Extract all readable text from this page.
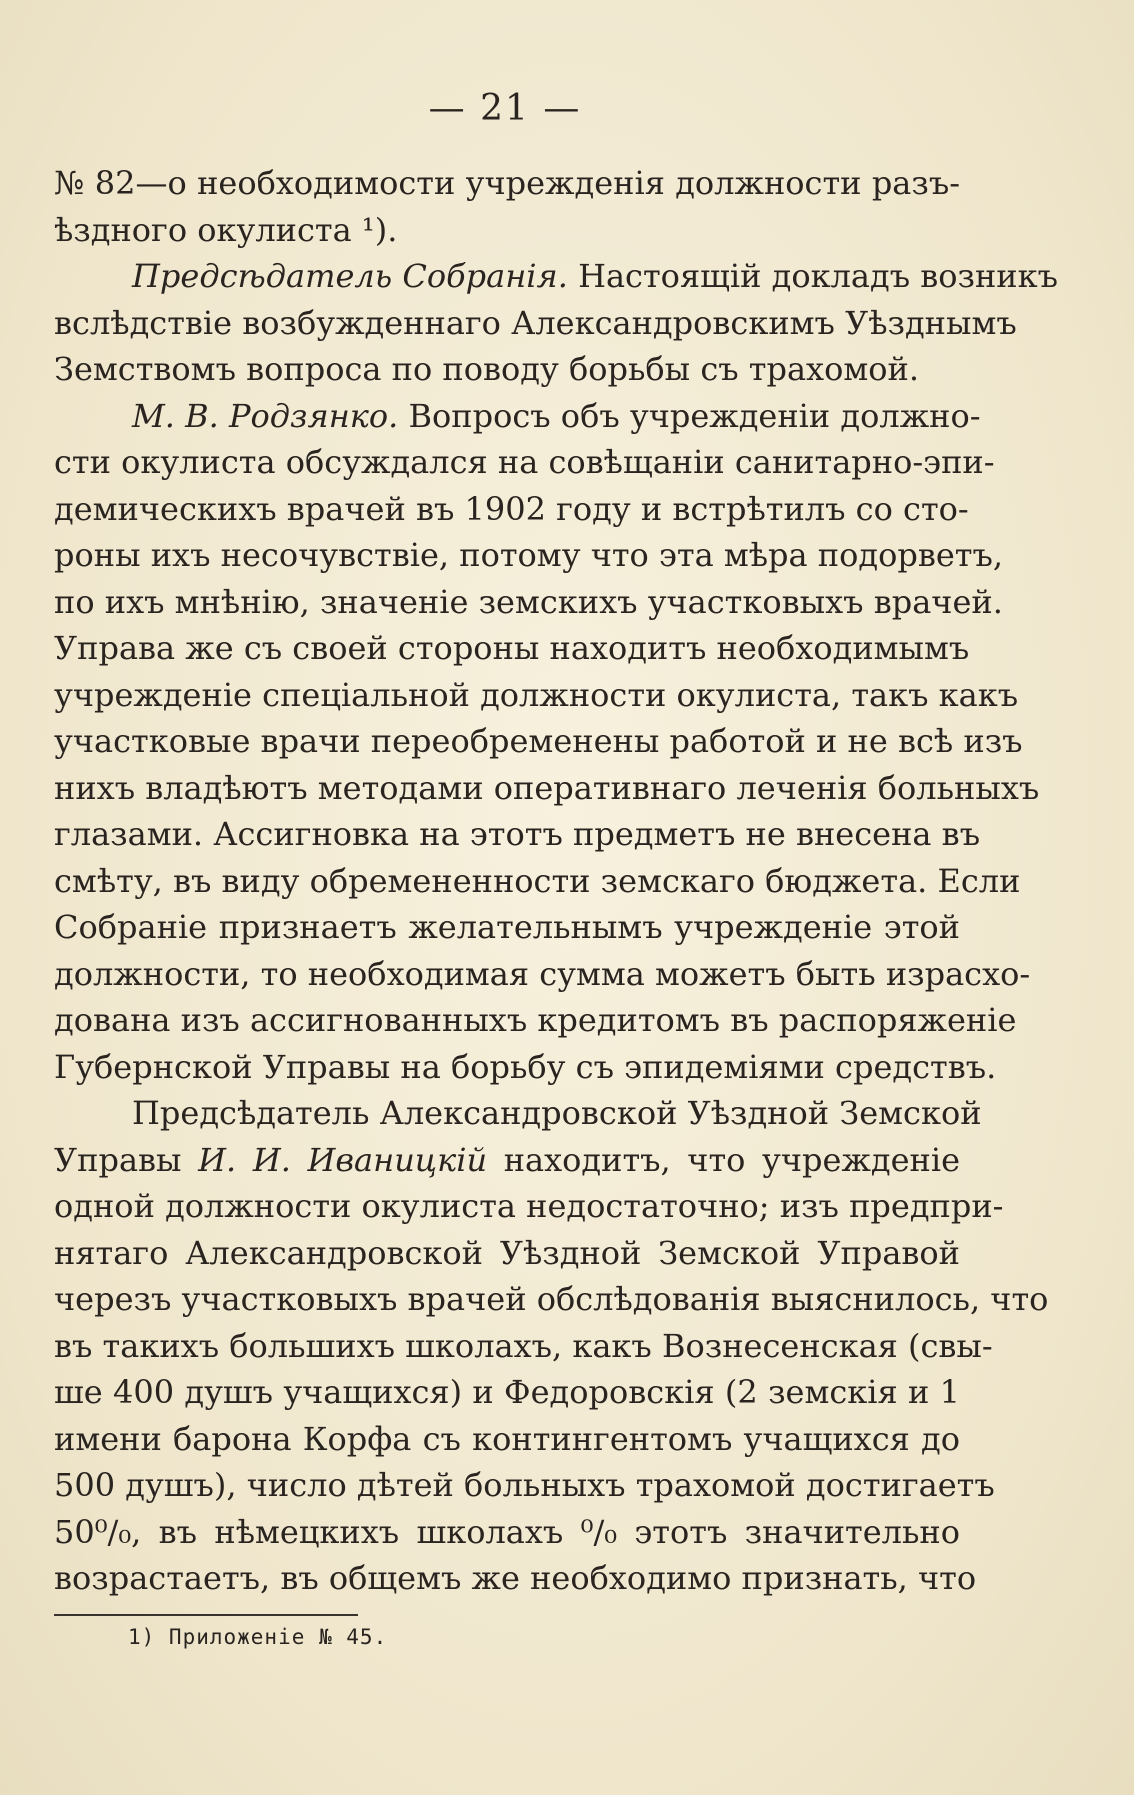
— 21 —
№ 82—о необходимости учрежденія должности разъ-
ѣздного окулиста ¹).
Предсѣдатель Собранія. Настоящій докладъ возникъ
вслѣдствіе возбужденнаго Александровскимъ Уѣзднымъ
Земствомъ вопроса по поводу борьбы съ трахомой.
М. В. Родзянко. Вопросъ объ учрежденіи должно-
сти окулиста обсуждался на совѣщаніи санитарно-эпи-
демическихъ врачей въ 1902 году и встрѣтилъ со сто-
роны ихъ несочувствіе, потому что эта мѣра подорветъ,
по ихъ мнѣнію, значеніе земскихъ участковыхъ врачей.
Управа же съ своей стороны находитъ необходимымъ
учрежденіе спеціальной должности окулиста, такъ какъ
участковые врачи переобременены работой и не всѣ изъ
нихъ владѣютъ методами оперативнаго леченія больныхъ
глазами. Ассигновка на этотъ предметъ не внесена въ
смѣту, въ виду обремененности земскаго бюджета. Если
Собраніе признаетъ желательнымъ учрежденіе этой
должности, то необходимая сумма можетъ быть израсхо-
дована изъ ассигнованныхъ кредитомъ въ распоряженіе
Губернской Управы на борьбу съ эпидеміями средствъ.
Предсѣдатель Александровской Уѣздной Земской
Управы И. И. Иваницкій находитъ, что учрежденіе
одной должности окулиста недостаточно; изъ предпри-
нятаго Александровской Уѣздной Земской Управой
черезъ участковыхъ врачей обслѣдованія выяснилось, что
въ такихъ большихъ школахъ, какъ Вознесенская (свы-
ше 400 душъ учащихся) и Федоровскія (2 земскія и 1
имени барона Корфа съ контингентомъ учащихся до
500 душъ), число дѣтей больныхъ трахомой достигаетъ
50⁰/₀, въ нѣмецкихъ школахъ ⁰/₀ этотъ значительно
возрастаетъ, въ общемъ же необходимо признать, что
1) Приложеніе № 45.
